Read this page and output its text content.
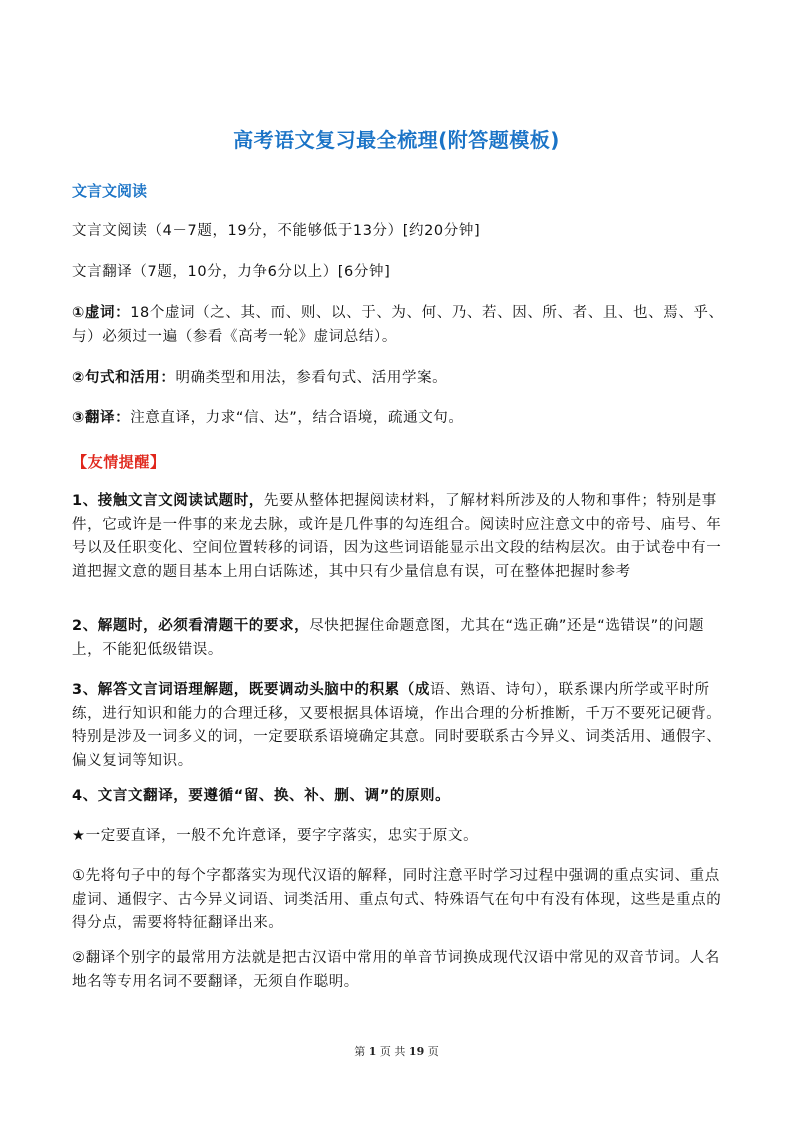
高考语文复习最全梳理(附答题模板)
文言文阅读

文言文阅读（4－7题，19分，不能够低于13分）[约20分钟]

文言翻译（7题，10分，力争6分以上）[6分钟]

①虚词：18个虚词（之、其、而、则、以、于、为、何、乃、若、因、所、者、且、也、焉、乎、与）必须过一遍（参看《高考一轮》虚词总结）。

②句式和活用：明确类型和用法，参看句式、活用学案。

③翻译：注意直译，力求“信、达”，结合语境，疏通文句。

【友情提醒】

1、接触文言文阅读试题时，先要从整体把握阅读材料，了解材料所涉及的人物和事件；特别是事件，它或许是一件事的来龙去脉，或许是几件事的勾连组合。阅读时应注意文中的帝号、庙号、年号以及任职变化、空间位置转移的词语，因为这些词语能显示出文段的结构层次。由于试卷中有一道把握文意的题目基本上用白话陈述，其中只有少量信息有误，可在整体把握时参考

2、解题时，必须看清题干的要求，尽快把握住命题意图，尤其在“选正确”还是“选错误”的问题上，不能犯低级错误。

3、解答文言词语理解题，既要调动头脑中的积累（成语、熟语、诗句），联系课内所学或平时所练，进行知识和能力的合理迁移，又要根据具体语境，作出合理的分析推断，千万不要死记硬背。特别是涉及一词多义的词，一定要联系语境确定其意。同时要联系古今异义、词类活用、通假字、偏义复词等知识。

4、文言文翻译，要遵循“留、换、补、删、调”的原则。

★一定要直译，一般不允许意译，要字字落实，忠实于原文。

①先将句子中的每个字都落实为现代汉语的解释，同时注意平时学习过程中强调的重点实词、重点虚词、通假字、古今异义词语、词类活用、重点句式、特殊语气在句中有没有体现，这些是重点的得分点，需要将特征翻译出来。

②翻译个别字的最常用方法就是把古汉语中常用的单音节词换成现代汉语中常见的双音节词。人名地名等专用名词不要翻译，无须自作聪明。

第 1 页 共 19 页
